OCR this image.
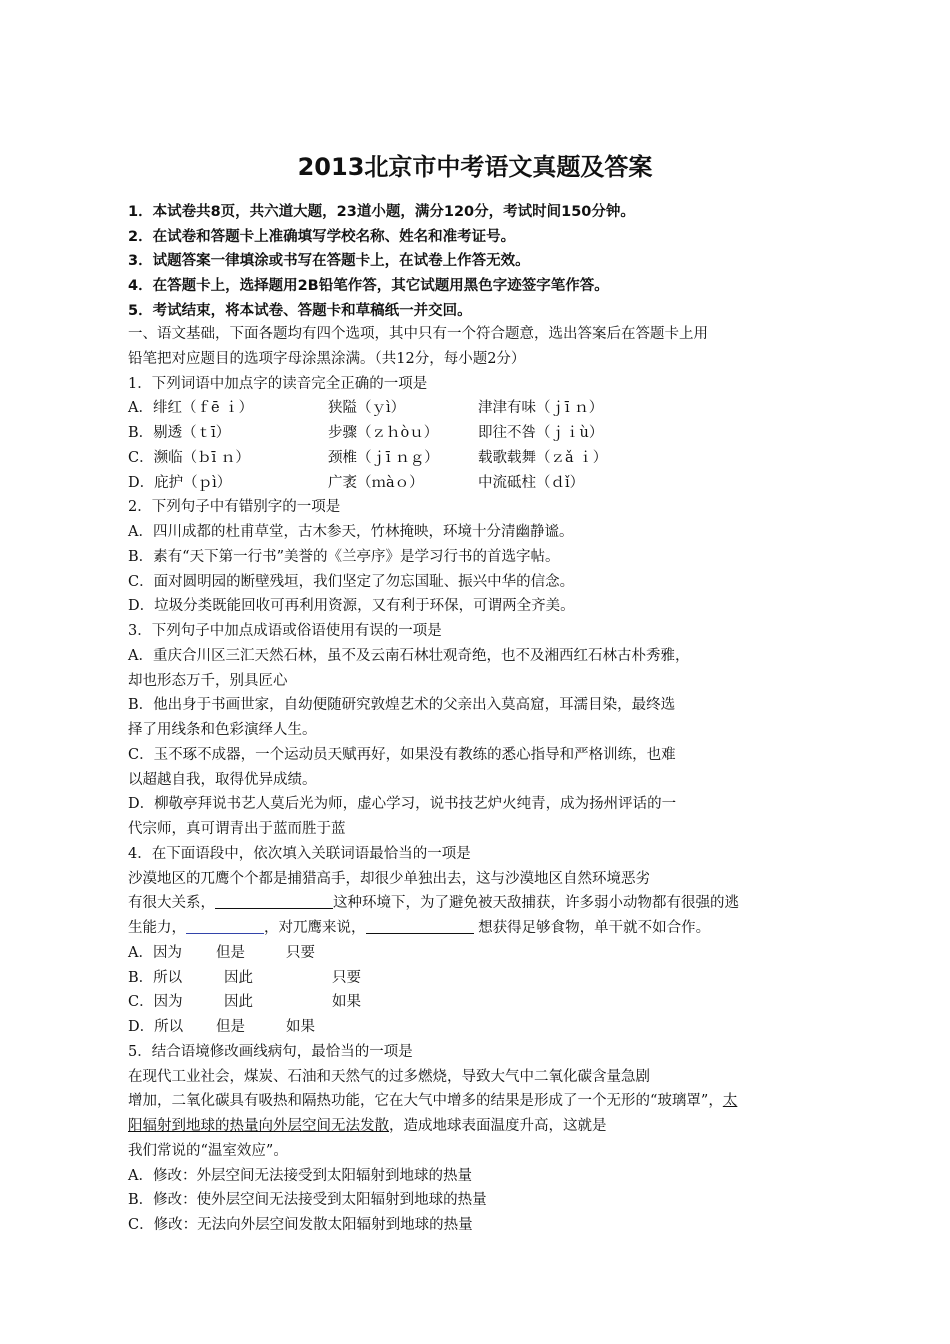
2013北京市中考语文真题及答案
1．本试卷共8页，共六道大题，23道小题，满分120分，考试时间150分钟。
2．在试卷和答题卡上准确填写学校名称、姓名和准考证号。
3．试题答案一律填涂或书写在答题卡上，在试卷上作答无效。
4．在答题卡上，选择题用2B铅笔作答，其它试题用黑色字迹签字笔作答。
5．考试结束，将本试卷、答题卡和草稿纸一并交回。
一、语文基础，下面各题均有四个选项，其中只有一个符合题意，选出答案后在答题卡上用
铅笔把对应题目的选项字母涂黑涂满。（共12分，每小题2分）
1．下列词语中加点字的读音完全正确的一项是
A．绯红（ｆē ｉ）	狭隘（ｙì）	津津有味（ｊī ｎ）
B．剔透（ｔī）	步骤（ｚｈòｕ）	即往不咎（ｊｉù）
C．濒临（ｂī ｎ）	颈椎（ｊī ｎｇ）	载歌载舞（ｚǎ ｉ）
D．庇护（ｐì）	广袤（ｍàｏ）	中流砥柱（ｄǐ）
2．下列句子中有错别字的一项是
A．四川成都的杜甫草堂，古木参天，竹林掩映，环境十分清幽静谧。
B．素有“天下第一行书”美誉的《兰亭序》是学习行书的首选字帖。
C．面对圆明园的断壁残垣，我们坚定了勿忘国耻、振兴中华的信念。
D．垃圾分类既能回收可再利用资源，又有利于环保，可谓两全齐美。
3．下列句子中加点成语或俗语使用有误的一项是
A．重庆合川区三汇天然石林，虽不及云南石林壮观奇绝，也不及湘西红石林古朴秀雅，
却也形态万千，别具匠心
B．他出身于书画世家，自幼便随研究敦煌艺术的父亲出入莫高窟，耳濡目染，最终选
择了用线条和色彩演绎人生。
C．玉不琢不成器，一个运动员天赋再好，如果没有教练的悉心指导和严格训练，也难
以超越自我，取得优异成绩。
D．柳敬亭拜说书艺人莫后光为师，虚心学习，说书技艺炉火纯青，成为扬州评话的一
代宗师，真可谓青出于蓝而胜于蓝
4．在下面语段中，依次填入关联词语最恰当的一项是
沙漠地区的兀鹰个个都是捕猎高手，却很少单独出去，这与沙漠地区自然环境恶劣
有很大关系，	这种环境下，为了避免被天敌捕获，许多弱小动物都有很强的逃
生能力，	，对兀鹰来说，	想获得足够食物，单干就不如合作。
A．因为 但是	只要
B．所以	因此	只要
C．因为	因此	如果
D．所以 但是	如果
5．结合语境修改画线病句，最恰当的一项是
在现代工业社会，煤炭、石油和天然气的过多燃烧，导致大气中二氧化碳含量急剧
增加，二氧化碳具有吸热和隔热功能，它在大气中增多的结果是形成了一个无形的“玻璃罩”，太
阳辐射到地球的热量向外层空间无法发散，造成地球表面温度升高，这就是
我们常说的“温室效应”。
A．修改：外层空间无法接受到太阳辐射到地球的热量
B．修改：使外层空间无法接受到太阳辐射到地球的热量
C．修改：无法向外层空间发散太阳辐射到地球的热量
